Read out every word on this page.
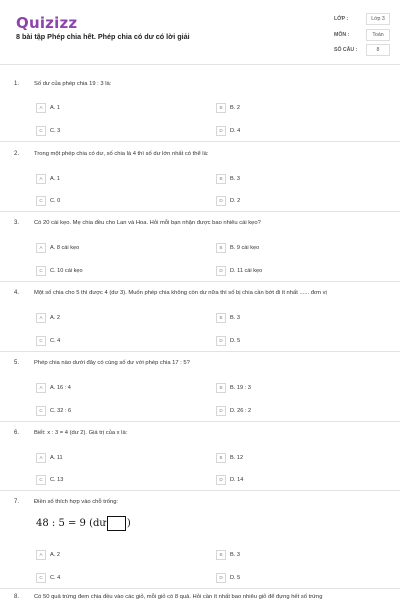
Quizizz
8 bài tập Phép chia hết. Phép chia có dư có lời giải
LỚP :	Lớp 3
MÔN :	Toán
SỐ CÂU :	8
1.	Số dư của phép chia 19 : 3 là:
A A. 1	B B. 2
C C. 3	D D. 4
2.	Trong một phép chia có dư, số chia là 4 thì số dư lớn nhất có thể là:
A A. 1	B B. 3
C C. 0	D D. 2
3.	Có 20 cái kẹo. Mẹ chia đều cho Lan và Hoa. Hỏi mỗi bạn nhận được bao nhiêu cái kẹo?
A A. 8 cái kẹo	B B. 9 cái kẹo
C C. 10 cái kẹo	D D. 11 cái kẹo
4.	Một số chia cho 5 thì được 4 (dư 3). Muốn phép chia không còn dư nữa thì số bị chia cần bớt đi ít nhất ...... đơn vị
A A. 2	B B. 3
C C. 4	D D. 5
5.	Phép chia nào dưới đây có cùng số dư với phép chia 17 : 5?
A A. 16 : 4	B B. 19 : 3
C C. 32 : 6	D D. 26 : 2
6.	Biết: x : 3 = 4 (dư 2). Giá trị của x là:
A A. 11	B B. 12
C C. 13	D D. 14
7.	Điền số thích hợp vào chỗ trống:
48 : 5 = 9 (dư )
A A. 2	B B. 3
C C. 4	D D. 5
8.	Có 50 quả trứng đem chia đều vào các giỏ, mỗi giỏ có 8 quả. Hỏi cần ít nhất bao nhiêu giỏ để đựng hết số trứng
